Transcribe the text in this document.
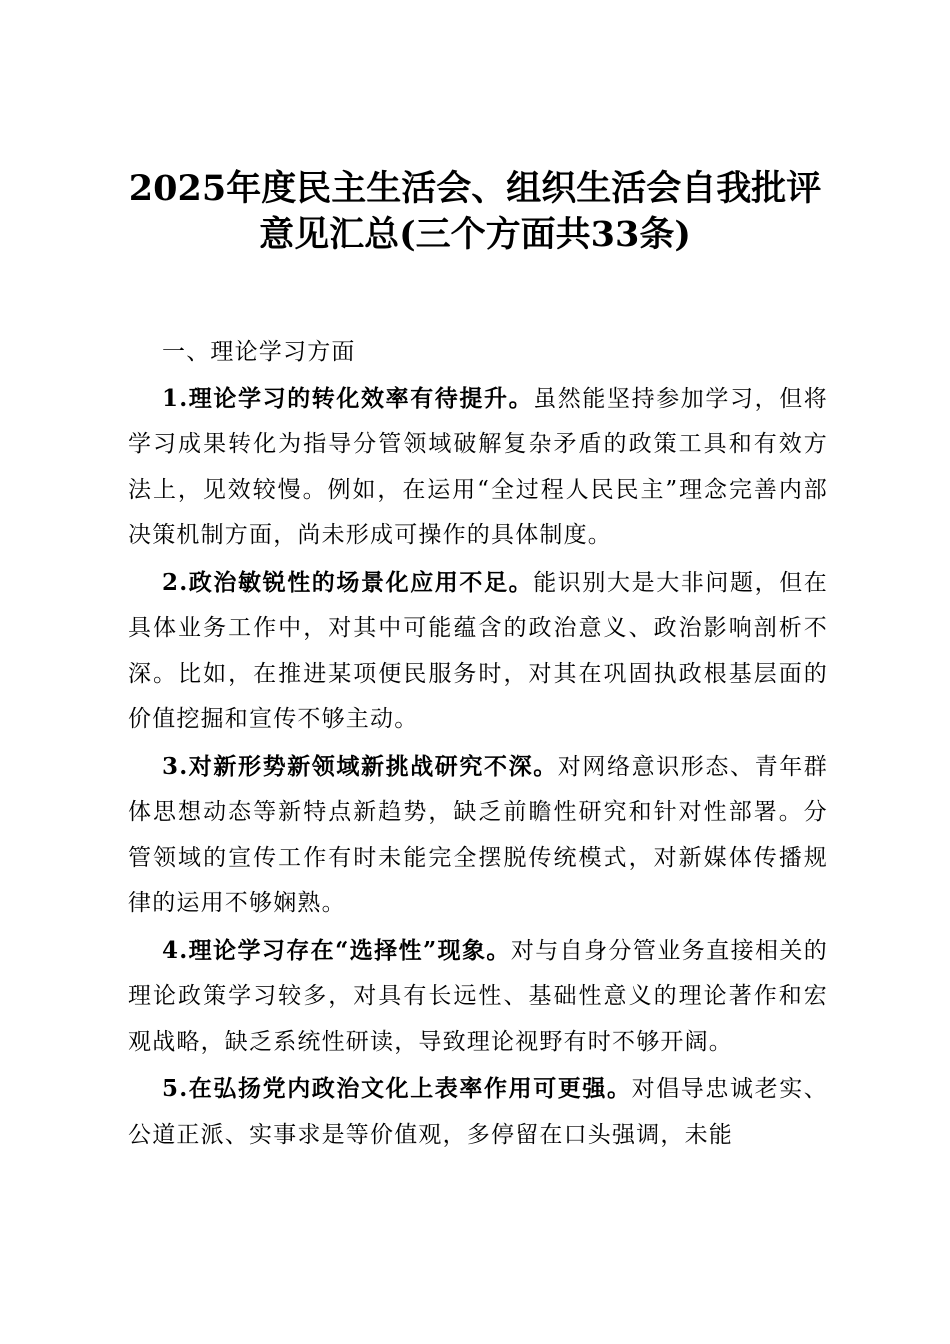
2025年度民主生活会、组织生活会自我批评意见汇总(三个方面共33条)

一、理论学习方面

1.理论学习的转化效率有待提升。虽然能坚持参加学习，但将学习成果转化为指导分管领域破解复杂矛盾的政策工具和有效方法上，见效较慢。例如，在运用“全过程人民民主”理念完善内部决策机制方面，尚未形成可操作的具体制度。

2.政治敏锐性的场景化应用不足。能识别大是大非问题，但在具体业务工作中，对其中可能蕴含的政治意义、政治影响剖析不深。比如，在推进某项便民服务时，对其在巩固执政根基层面的价值挖掘和宣传不够主动。

3.对新形势新领域新挑战研究不深。对网络意识形态、青年群体思想动态等新特点新趋势，缺乏前瞻性研究和针对性部署。分管领域的宣传工作有时未能完全摆脱传统模式，对新媒体传播规律的运用不够娴熟。

4.理论学习存在“选择性”现象。对与自身分管业务直接相关的理论政策学习较多，对具有长远性、基础性意义的理论著作和宏观战略，缺乏系统性研读，导致理论视野有时不够开阔。

5.在弘扬党内政治文化上表率作用可更强。对倡导忠诚老实、公道正派、实事求是等价值观，多停留在口头强调，未能
